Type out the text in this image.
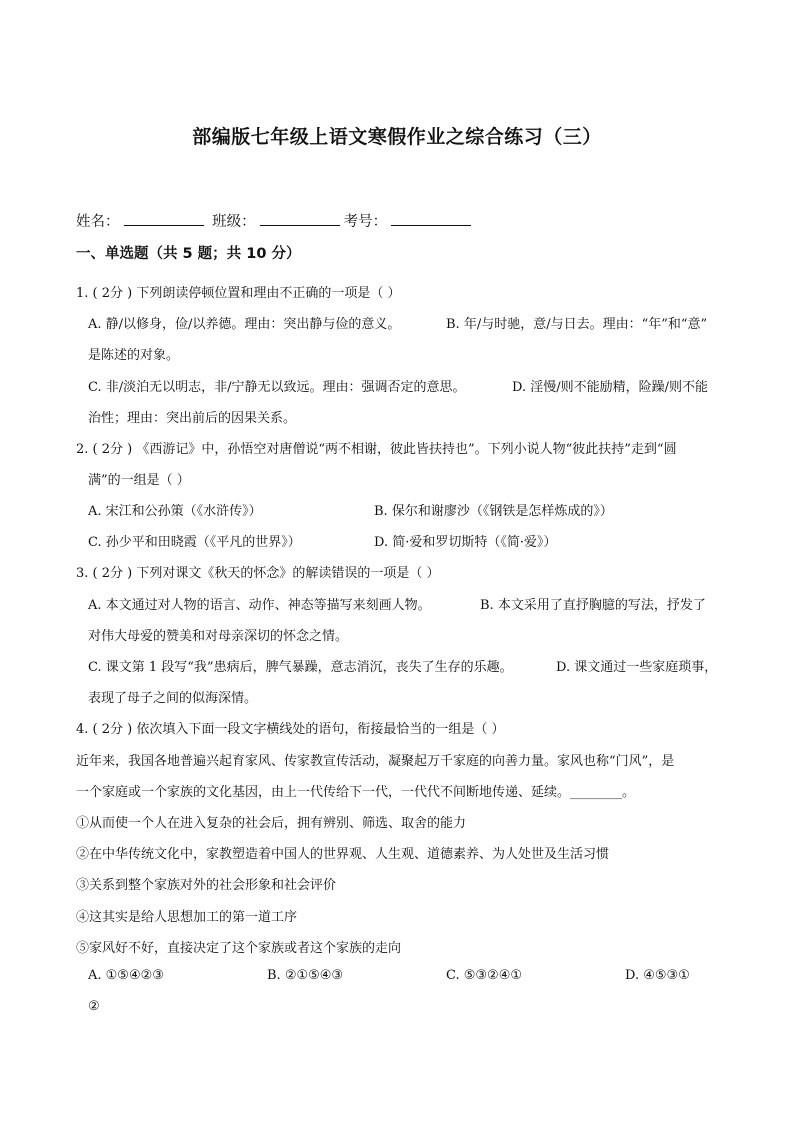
部编版七年级上语文寒假作业之综合练习（三）
姓名：	班级：	考号：
一、单选题（共 5 题；共 10 分）
1. ( 2分 ) 下列朗读停顿位置和理由不正确的一项是（ ）
A. 静/以修身，俭/以养德。理由：突出静与俭的意义。	B. 年/与时驰，意/与日去。理由：“年”和“意”
是陈述的对象。
C. 非/淡泊无以明志，非/宁静无以致远。理由：强调否定的意思。	D. 淫慢/则不能励精，险躁/则不能
治性；理由：突出前后的因果关系。
2. ( 2分 ) 《西游记》中，孙悟空对唐僧说“两不相谢，彼此皆扶持也”。下列小说人物“彼此扶持”走到“圆
满”的一组是（ ）
A. 宋江和公孙策（《水浒传》）	B. 保尔和谢廖沙（《钢铁是怎样炼成的》）
C. 孙少平和田晓霞（《平凡的世界》）	D. 简·爱和罗切斯特（《简·爱》）
3. ( 2分 ) 下列对课文《秋天的怀念》的解读错误的一项是（ ）
A. 本文通过对人物的语言、动作、神态等描写来刻画人物。	B. 本文采用了直抒胸臆的写法，抒发了
对伟大母爱的赞美和对母亲深切的怀念之情。
C. 课文第 1 段写“我”患病后，脾气暴躁，意志消沉，丧失了生存的乐趣。	D. 课文通过一些家庭琐事，
表现了母子之间的似海深情。
4. ( 2分 ) 依次填入下面一段文字横线处的语句，衔接最恰当的一组是（ ）
近年来，我国各地普遍兴起育家风、传家教宣传活动，凝聚起万千家庭的向善力量。家风也称“门风”，是
一个家庭或一个家族的文化基因，由上一代传给下一代，一代代不间断地传递、延续。________。
①从而使一个人在进入复杂的社会后，拥有辨别、筛选、取舍的能力
②在中华传统文化中，家教塑造着中国人的世界观、人生观、道德素养、为人处世及生活习惯
③关系到整个家族对外的社会形象和社会评价
④这其实是给人思想加工的第一道工序
⑤家风好不好，直接决定了这个家族或者这个家族的走向
A. ①⑤④②③	B. ②①⑤④③	C. ⑤③②④①	D. ④⑤③①
②
